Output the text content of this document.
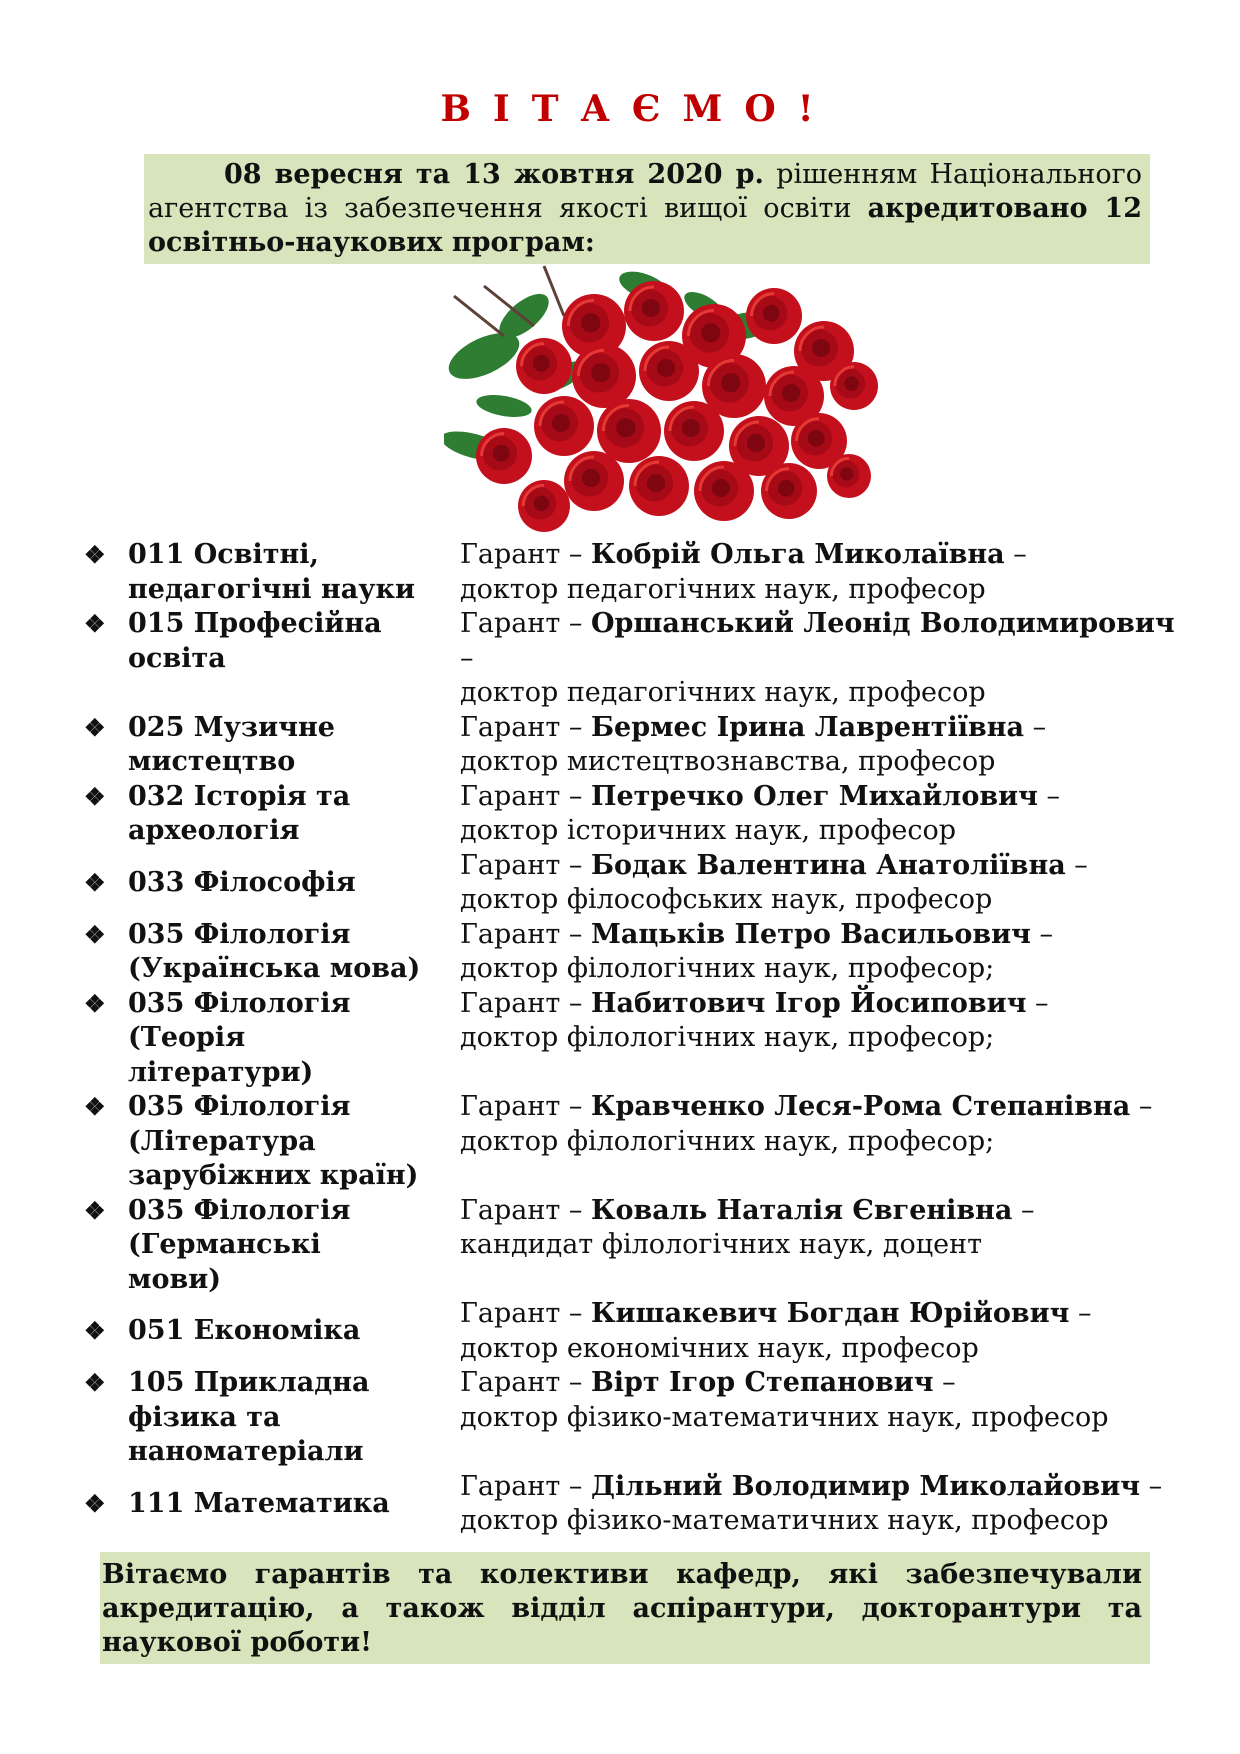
ВІТАЄМО!
08 вересня та 13 жовтня 2020 р. рішенням Національного агентства із забезпечення якості вищої освіти акредитовано 12 освітньо-наукових програм:
❖ 011 Освітні,
педагогічні науки
Гарант – Кобрій Ольга Миколаївна –
доктор педагогічних наук, професор
❖ 015 Професійна
освіта
Гарант – Оршанський Леонід Володимирович –
доктор педагогічних наук, професор
❖ 025 Музичне
мистецтво
Гарант – Бермес Ірина Лаврентіївна –
доктор мистецтвознавства, професор
❖ 032 Історія та
археологія
Гарант – Петречко Олег Михайлович –
доктор історичних наук, професор
❖ 033 Філософія
Гарант – Бодак Валентина Анатоліївна –
доктор філософських наук, професор
❖ 035 Філологія
(Українська мова)
Гарант – Мацьків Петро Васильович –
доктор філологічних наук, професор;
❖ 035 Філологія
(Теорія
літератури)
Гарант – Набитович Ігор Йосипович –
доктор філологічних наук, професор;
❖ 035 Філологія
(Література
зарубіжних країн)
Гарант – Кравченко Леся-Рома Степанівна –
доктор філологічних наук, професор;
❖ 035 Філологія
(Германські
мови)
Гарант – Коваль Наталія Євгенівна –
кандидат філологічних наук, доцент
❖ 051 Економіка
Гарант – Кишакевич Богдан Юрійович –
доктор економічних наук, професор
❖ 105 Прикладна
фізика та
наноматеріали
Гарант – Вірт Ігор Степанович –
доктор фізико-математичних наук, професор
❖ 111 Математика
Гарант – Дільний Володимир Миколайович –
доктор фізико-математичних наук, професор
Вітаємо гарантів та колективи кафедр, які забезпечували акредитацію, а також відділ аспірантури, докторантури та наукової роботи!
